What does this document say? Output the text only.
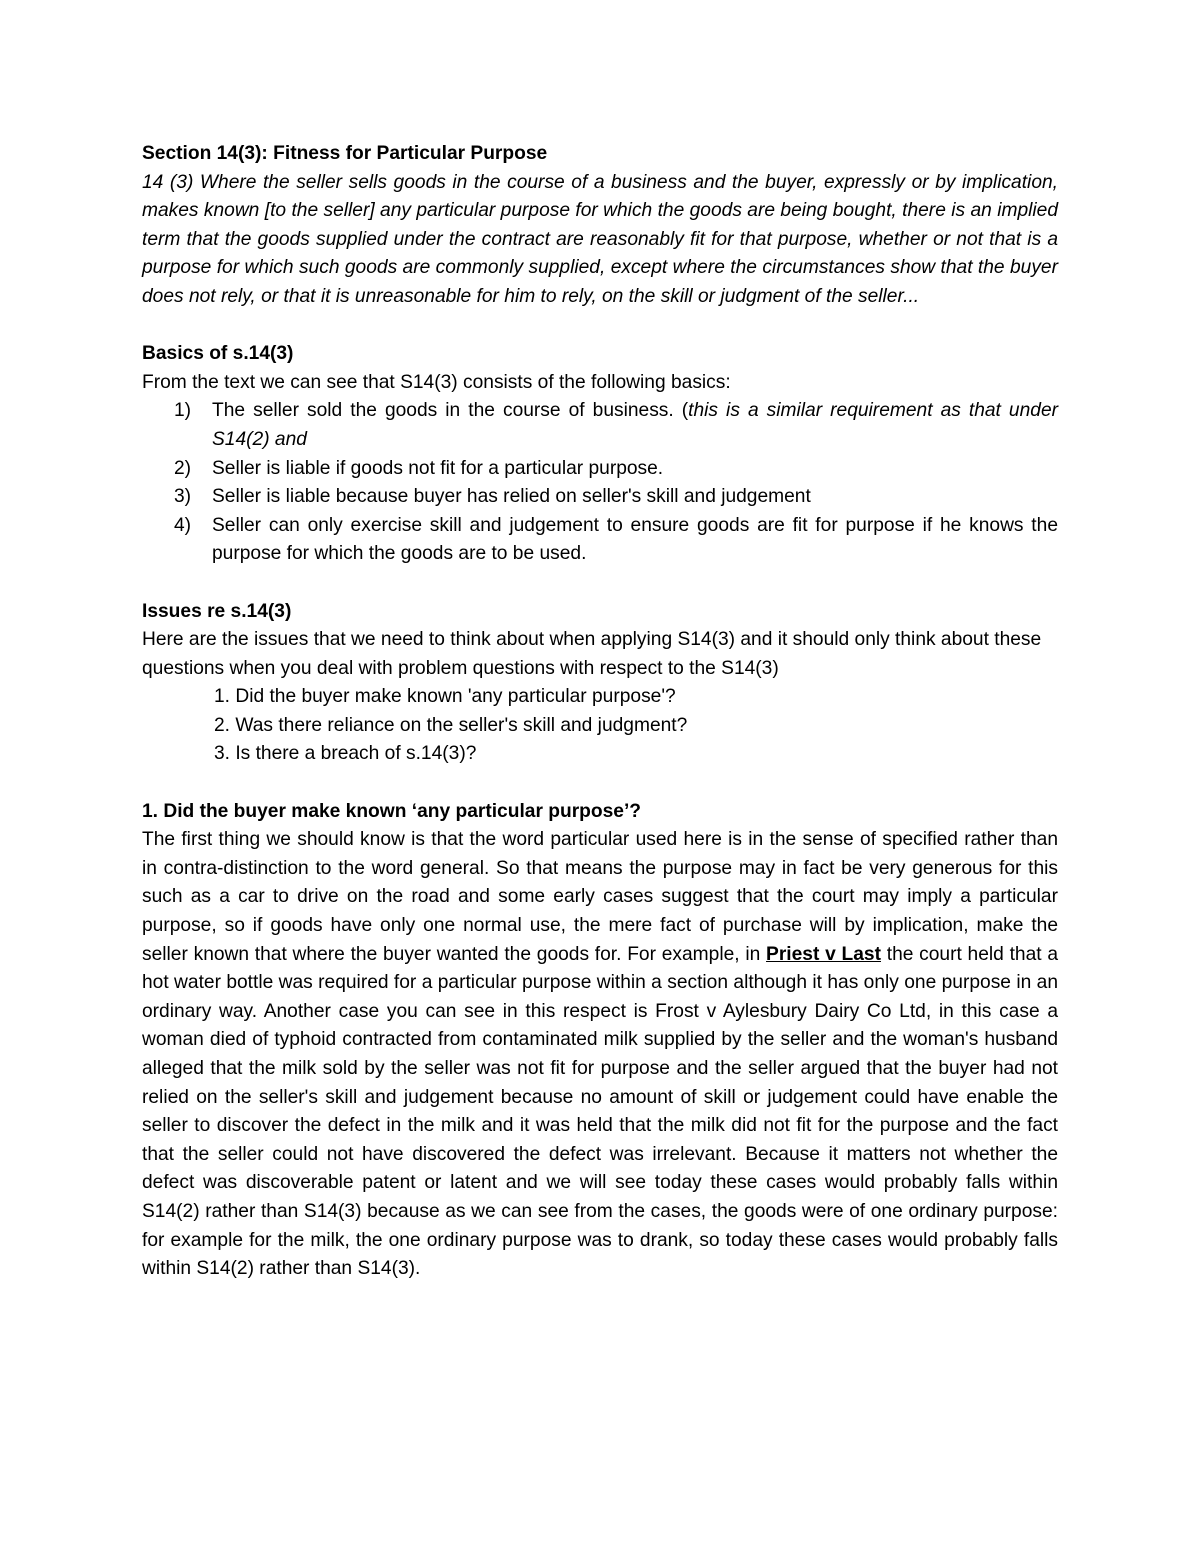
Section 14(3): Fitness for Particular Purpose

14 (3) Where the seller sells goods in the course of a business and the buyer, expressly or by implication, makes known [to the seller] any particular purpose for which the goods are being bought, there is an implied term that the goods supplied under the contract are reasonably fit for that purpose, whether or not that is a purpose for which such goods are commonly supplied, except where the circumstances show that the buyer does not rely, or that it is unreasonable for him to rely, on the skill or judgment of the seller...

Basics of s.14(3)

From the text we can see that S14(3) consists of the following basics:

1) The seller sold the goods in the course of business. (this is a similar requirement as that under S14(2) and
2) Seller is liable if goods not fit for a particular purpose.
3) Seller is liable because buyer has relied on seller's skill and judgement
4) Seller can only exercise skill and judgement to ensure goods are fit for purpose if he knows the purpose for which the goods are to be used.

Issues re s.14(3)

Here are the issues that we need to think about when applying S14(3) and it should only think about these questions when you deal with problem questions with respect to the S14(3)

1. Did the buyer make known 'any particular purpose'?
2. Was there reliance on the seller's skill and judgment?
3. Is there a breach of s.14(3)?

1. Did the buyer make known ‘any particular purpose’?

The first thing we should know is that the word particular used here is in the sense of specified rather than in contra-distinction to the word general. So that means the purpose may in fact be very generous for this such as a car to drive on the road and some early cases suggest that the court may imply a particular purpose, so if goods have only one normal use, the mere fact of purchase will by implication, make the seller known that where the buyer wanted the goods for. For example, in Priest v Last the court held that a hot water bottle was required for a particular purpose within a section although it has only one purpose in an ordinary way. Another case you can see in this respect is Frost v Aylesbury Dairy Co Ltd, in this case a woman died of typhoid contracted from contaminated milk supplied by the seller and the woman's husband alleged that the milk sold by the seller was not fit for purpose and the seller argued that the buyer had not relied on the seller's skill and judgement because no amount of skill or judgement could have enable the seller to discover the defect in the milk and it was held that the milk did not fit for the purpose and the fact that the seller could not have discovered the defect was irrelevant. Because it matters not whether the defect was discoverable patent or latent and we will see today these cases would probably falls within S14(2) rather than S14(3) because as we can see from the cases, the goods were of one ordinary purpose: for example for the milk, the one ordinary purpose was to drank, so today these cases would probably falls within S14(2) rather than S14(3).
